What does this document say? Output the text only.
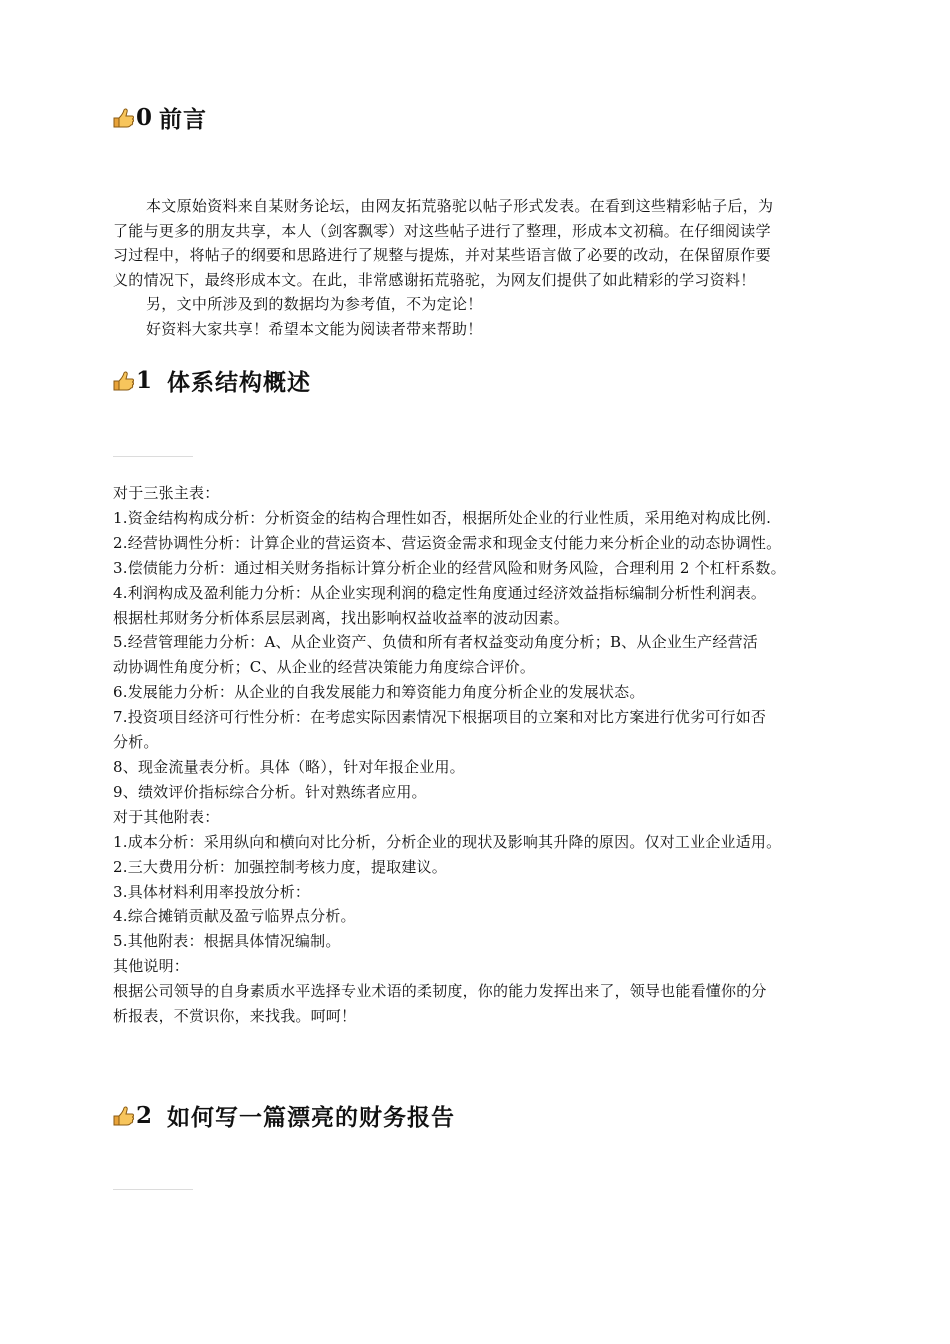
0 前言

本文原始资料来自某财务论坛，由网友拓荒骆驼以帖子形式发表。在看到这些精彩帖子后，为

了能与更多的朋友共享，本人（剑客飘零）对这些帖子进行了整理，形成本文初稿。在仔细阅读学

习过程中，将帖子的纲要和思路进行了规整与提炼，并对某些语言做了必要的改动，在保留原作要

义的情况下，最终形成本文。在此，非常感谢拓荒骆驼，为网友们提供了如此精彩的学习资料！

另，文中所涉及到的数据均为参考值，不为定论！

好资料大家共享！希望本文能为阅读者带来帮助！

1 体系结构概述

对于三张主表：

1.资金结构构成分析：分析资金的结构合理性如否，根据所处企业的行业性质，采用绝对构成比例.

2.经营协调性分析：计算企业的营运资本、营运资金需求和现金支付能力来分析企业的动态协调性。

3.偿债能力分析：通过相关财务指标计算分析企业的经营风险和财务风险，合理利用 2 个杠杆系数。

4.利润构成及盈利能力分析：从企业实现利润的稳定性角度通过经济效益指标编制分析性利润表。

根据杜邦财务分析体系层层剥离，找出影响权益收益率的波动因素。

5.经营管理能力分析：A、从企业资产、负债和所有者权益变动角度分析；B、从企业生产经营活

动协调性角度分析；C、从企业的经营决策能力角度综合评价。

6.发展能力分析：从企业的自我发展能力和筹资能力角度分析企业的发展状态。

7.投资项目经济可行性分析：在考虑实际因素情况下根据项目的立案和对比方案进行优劣可行如否

分析。

8、现金流量表分析。具体（略），针对年报企业用。

9、绩效评价指标综合分析。针对熟练者应用。

对于其他附表：

1.成本分析：采用纵向和横向对比分析，分析企业的现状及影响其升降的原因。仅对工业企业适用。

2.三大费用分析：加强控制考核力度，提取建议。

3.具体材料利用率投放分析：

4.综合摊销贡献及盈亏临界点分析。

5.其他附表：根据具体情况编制。

其他说明：

根据公司领导的自身素质水平选择专业术语的柔韧度，你的能力发挥出来了，领导也能看懂你的分

析报表，不赏识你，来找我。呵呵！

2 如何写一篇漂亮的财务报告
